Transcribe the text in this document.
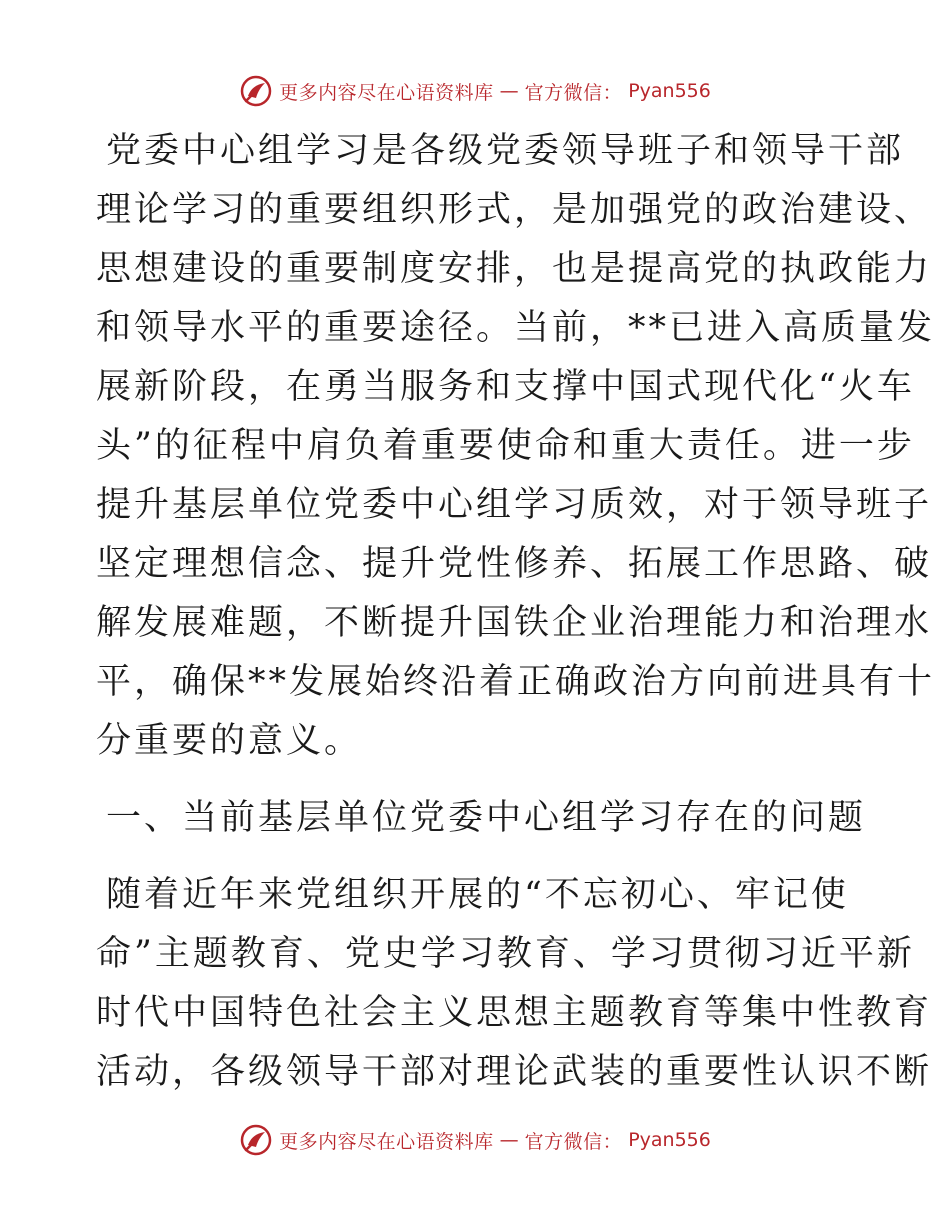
更多内容尽在心语资料库 — 官方微信： Pyan556
党委中心组学习是各级党委领导班子和领导干部
理论学习的重要组织形式，是加强党的政治建设、
思想建设的重要制度安排，也是提高党的执政能力
和领导水平的重要途径。当前，**已进入高质量发
展新阶段，在勇当服务和支撑中国式现代化“火车
头”的征程中肩负着重要使命和重大责任。进一步
提升基层单位党委中心组学习质效，对于领导班子
坚定理想信念、提升党性修养、拓展工作思路、破
解发展难题，不断提升国铁企业治理能力和治理水
平，确保**发展始终沿着正确政治方向前进具有十
分重要的意义。
一、当前基层单位党委中心组学习存在的问题
随着近年来党组织开展的“不忘初心、牢记使
命”主题教育、党史学习教育、学习贯彻习近平新
时代中国特色社会主义思想主题教育等集中性教育
活动，各级领导干部对理论武装的重要性认识不断
更多内容尽在心语资料库 — 官方微信： Pyan556
